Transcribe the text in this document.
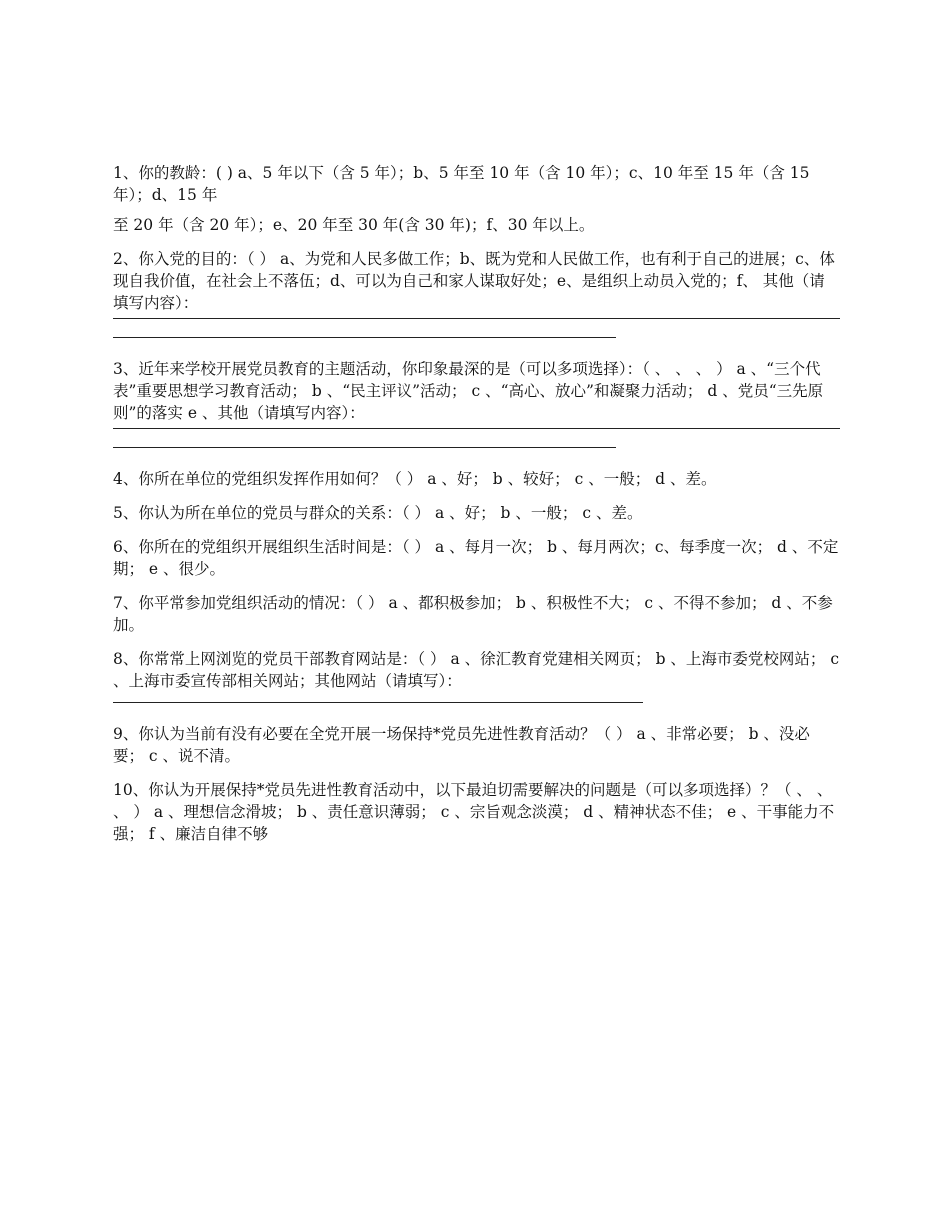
1、你的教龄：( ) a、5 年以下（含 5 年）；b、5 年至 10 年（含 10 年）；c、10 年至 15 年（含 15 年）；d、15 年

至 20 年（含 20 年）；e、20 年至 30 年(含 30 年)；f、30 年以上。

2、你入党的目的：（ ） a、为党和人民多做工作；b、既为党和人民做工作，也有利于自己的进展；c、体现自我价值，在社会上不落伍；d、可以为自己和家人谋取好处；e、是组织上动员入党的；f、 其他（请填写内容）：
3、近年来学校开展党员教育的主题活动，你印象最深的是（可以多项选择）：（ 、 、 、 ） a 、“三个代表”重要思想学习教育活动； b 、“民主评议”活动； c 、“高心、放心”和凝聚力活动； d 、党员“三先原则”的落实 e 、其他（请填写内容）：

4、你所在单位的党组织发挥作用如何？（ ） a 、好； b 、较好； c 、一般； d 、差。

5、你认为所在单位的党员与群众的关系：（ ） a 、好； b 、一般； c 、差。

6、你所在的党组织开展组织生活时间是：（ ） a 、每月一次； b 、每月两次；c、每季度一次； d 、不定期； e 、很少。

7、你平常参加党组织活动的情况：（ ） a 、都积极参加； b 、积极性不大； c 、不得不参加； d 、不参加。

8、你常常上网浏览的党员干部教育网站是：（ ） a 、徐汇教育党建相关网页； b 、上海市委党校网站； c 、上海市委宣传部相关网站；其他网站（请填写）：

9、你认为当前有没有必要在全党开展一场保持*党员先进性教育活动？（ ） a 、非常必要； b 、没必要； c 、说不清。

10、你认为开展保持*党员先进性教育活动中，以下最迫切需要解决的问题是（可以多项选择）？（ 、 、 、 ） a 、理想信念滑坡； b 、责任意识薄弱； c 、宗旨观念淡漠； d 、精神状态不佳； e 、干事能力不强； f 、廉洁自律不够
